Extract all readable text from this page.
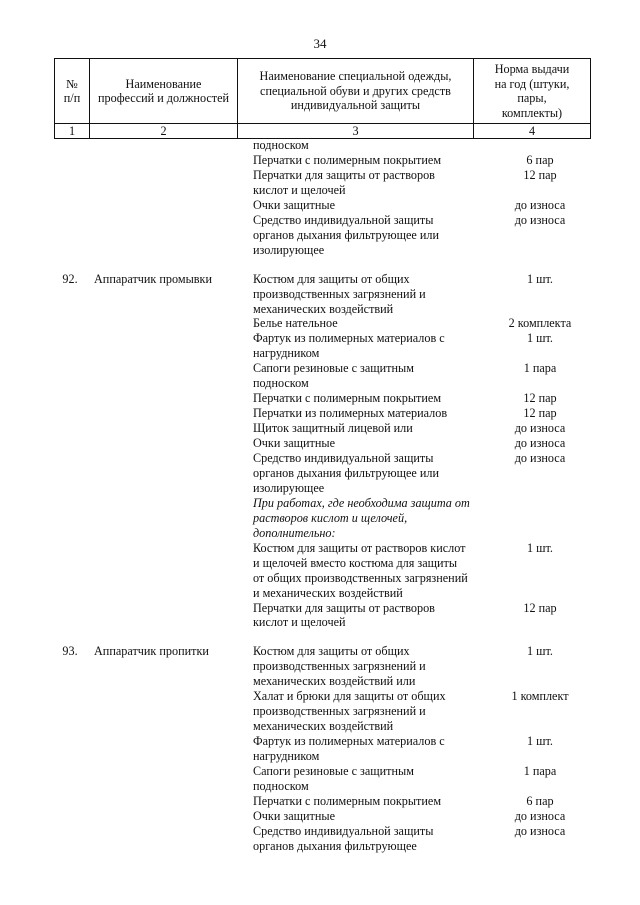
34
№
п/п	Наименование
профессий и должностей	Наименование специальной одежды,
специальной обуви и других средств
индивидуальной защиты	Норма выдачи
на год (штуки,
пары,
комплекты)
1	2	3	4
подноском
Перчатки с полимерным покрытием	6 пар
Перчатки для защиты от растворов	12 пар
кислот и щелочей
Очки защитные	до износа
Средство индивидуальной защиты	до износа
органов дыхания фильтрующее или
изолирующее
92.	Аппаратчик промывки	Костюм для защиты от общих	1 шт.
производственных загрязнений и
механических воздействий
Белье нательное	2 комплекта
Фартук из полимерных материалов с	1 шт.
нагрудником
Сапоги резиновые с защитным	1 пара
подноском
Перчатки с полимерным покрытием	12 пар
Перчатки из полимерных материалов	12 пар
Щиток защитный лицевой или	до износа
Очки защитные	до износа
Средство индивидуальной защиты	до износа
органов дыхания фильтрующее или
изолирующее
При работах, где необходима защита от
растворов кислот и щелочей,
дополнительно:
Костюм для защиты от растворов кислот	1 шт.
и щелочей вместо костюма для защиты
от общих производственных загрязнений
и механических воздействий
Перчатки для защиты от растворов	12 пар
кислот и щелочей
93.	Аппаратчик пропитки	Костюм для защиты от общих	1 шт.
производственных загрязнений и
механических воздействий или
Халат и брюки для защиты от общих	1 комплект
производственных загрязнений и
механических воздействий
Фартук из полимерных материалов с	1 шт.
нагрудником
Сапоги резиновые с защитным	1 пара
подноском
Перчатки с полимерным покрытием	6 пар
Очки защитные	до износа
Средство индивидуальной защиты	до износа
органов дыхания фильтрующее
